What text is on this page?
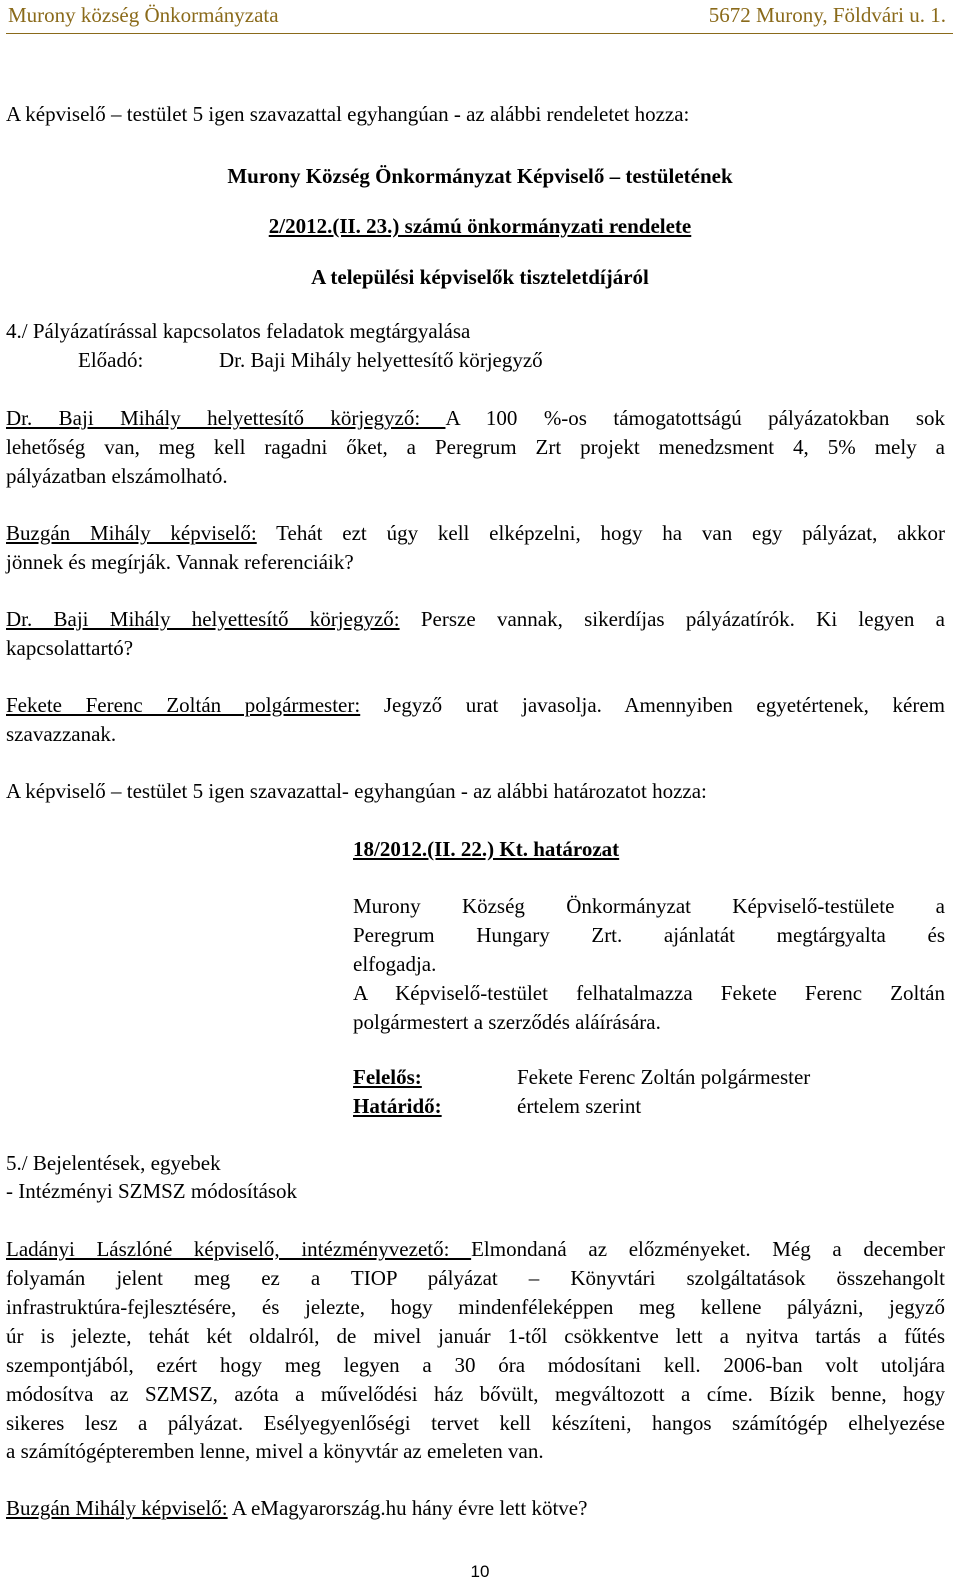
Murony község Önkormányzata	5672 Murony, Földvári u. 1.
A képviselő – testület 5 igen szavazattal egyhangúan - az alábbi rendeletet hozza:
Murony Község Önkormányzat Képviselő – testületének
2/2012.(II. 23.) számú önkormányzati rendelete
A települési képviselők tiszteletdíjáról
4./ Pályázatírással kapcsolatos feladatok megtárgyalása
Előadó:	Dr. Baji Mihály helyettesítő körjegyző
Dr. Baji Mihály helyettesítő körjegyző: A 100 %-os támogatottságú pályázatokban sok
lehetőség van, meg kell ragadni őket, a Peregrum Zrt projekt menedzsment 4, 5% mely a
pályázatban elszámolható.
Buzgán Mihály képviselő: Tehát ezt úgy kell elképzelni, hogy ha van egy pályázat, akkor
jönnek és megírják. Vannak referenciáik?
Dr. Baji Mihály helyettesítő körjegyző: Persze vannak, sikerdíjas pályázatírók. Ki legyen a
kapcsolattartó?
Fekete Ferenc Zoltán polgármester: Jegyző urat javasolja. Amennyiben egyetértenek, kérem
szavazzanak.
A képviselő – testület 5 igen szavazattal- egyhangúan - az alábbi határozatot hozza:
18/2012.(II. 22.) Kt. határozat
Murony Község Önkormányzat Képviselő-testülete a
Peregrum Hungary Zrt. ajánlatát megtárgyalta és
elfogadja.
A Képviselő-testület felhatalmazza Fekete Ferenc Zoltán
polgármestert a szerződés aláírására.
Felelős:	Fekete Ferenc Zoltán polgármester
Határidő:	értelem szerint
5./ Bejelentések, egyebek
- Intézményi SZMSZ módosítások
Ladányi Lászlóné képviselő, intézményvezető: Elmondaná az előzményeket. Még a december
folyamán jelent meg ez a TIOP pályázat – Könyvtári szolgáltatások összehangolt
infrastruktúra-fejlesztésére, és jelezte, hogy mindenféleképpen meg kellene pályázni, jegyző
úr is jelezte, tehát két oldalról, de mivel január 1-től csökkentve lett a nyitva tartás a fűtés
szempontjából, ezért hogy meg legyen a 30 óra módosítani kell. 2006-ban volt utoljára
módosítva az SZMSZ, azóta a művelődési ház bővült, megváltozott a címe. Bízik benne, hogy
sikeres lesz a pályázat. Esélyegyenlőségi tervet kell készíteni, hangos számítógép elhelyezése
a számítógépteremben lenne, mivel a könyvtár az emeleten van.
Buzgán Mihály képviselő: A eMagyarország.hu hány évre lett kötve?
10
